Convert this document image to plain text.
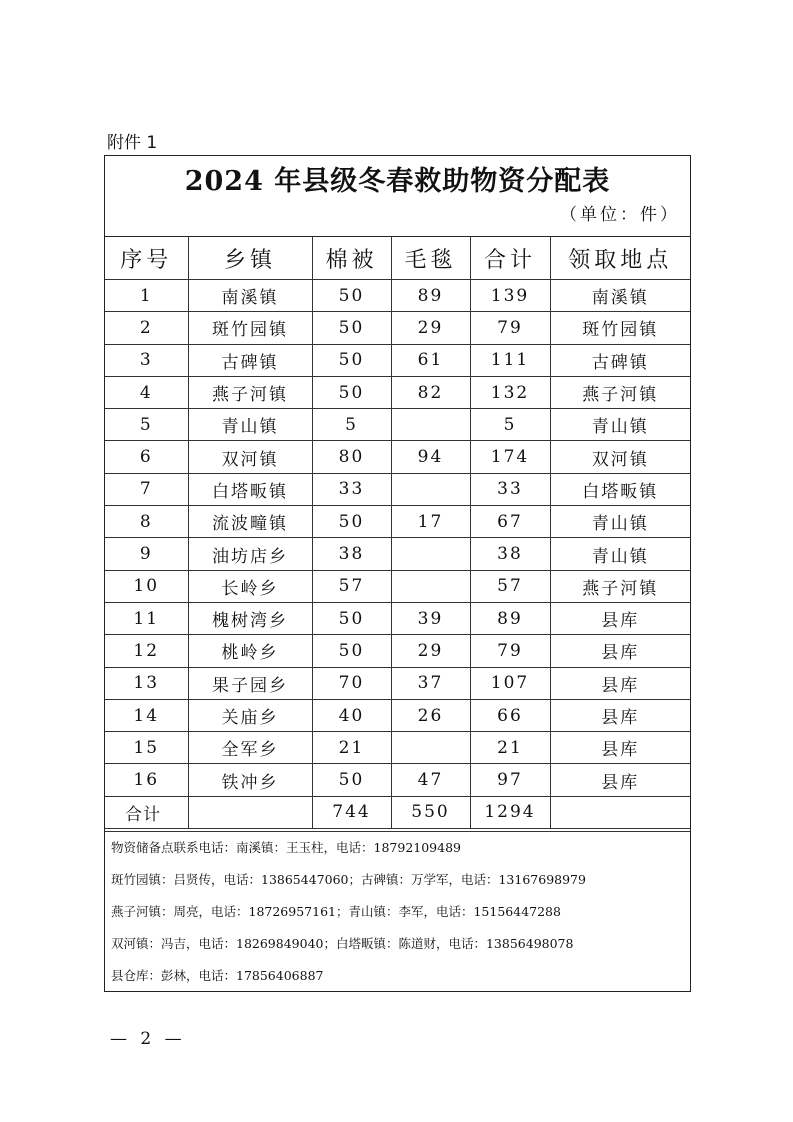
附件 1
2024 年县级冬春救助物资分配表
（单位：件）
序号	乡镇	棉被	毛毯	合计	领取地点
1	南溪镇	50	89	139	南溪镇
2	斑竹园镇	50	29	79	斑竹园镇
3	古碑镇	50	61	111	古碑镇
4	燕子河镇	50	82	132	燕子河镇
5	青山镇	5		5	青山镇
6	双河镇	80	94	174	双河镇
7	白塔畈镇	33		33	白塔畈镇
8	流波疃镇	50	17	67	青山镇
9	油坊店乡	38		38	青山镇
10	长岭乡	57		57	燕子河镇
11	槐树湾乡	50	39	89	县库
12	桃岭乡	50	29	79	县库
13	果子园乡	70	37	107	县库
14	关庙乡	40	26	66	县库
15	全军乡	21		21	县库
16	铁冲乡	50	47	97	县库
合计		744	550	1294	
物资储备点联系电话：南溪镇：王玉柱，电话：18792109489
斑竹园镇：吕贤传，电话：13865447060；古碑镇：万学军，电话：13167698979
燕子河镇：周亮，电话：18726957161；青山镇：李军，电话：15156447288
双河镇：冯吉，电话：18269849040；白塔畈镇：陈道财，电话：13856498078
县仓库：彭林，电话：17856406887
— 2 —
